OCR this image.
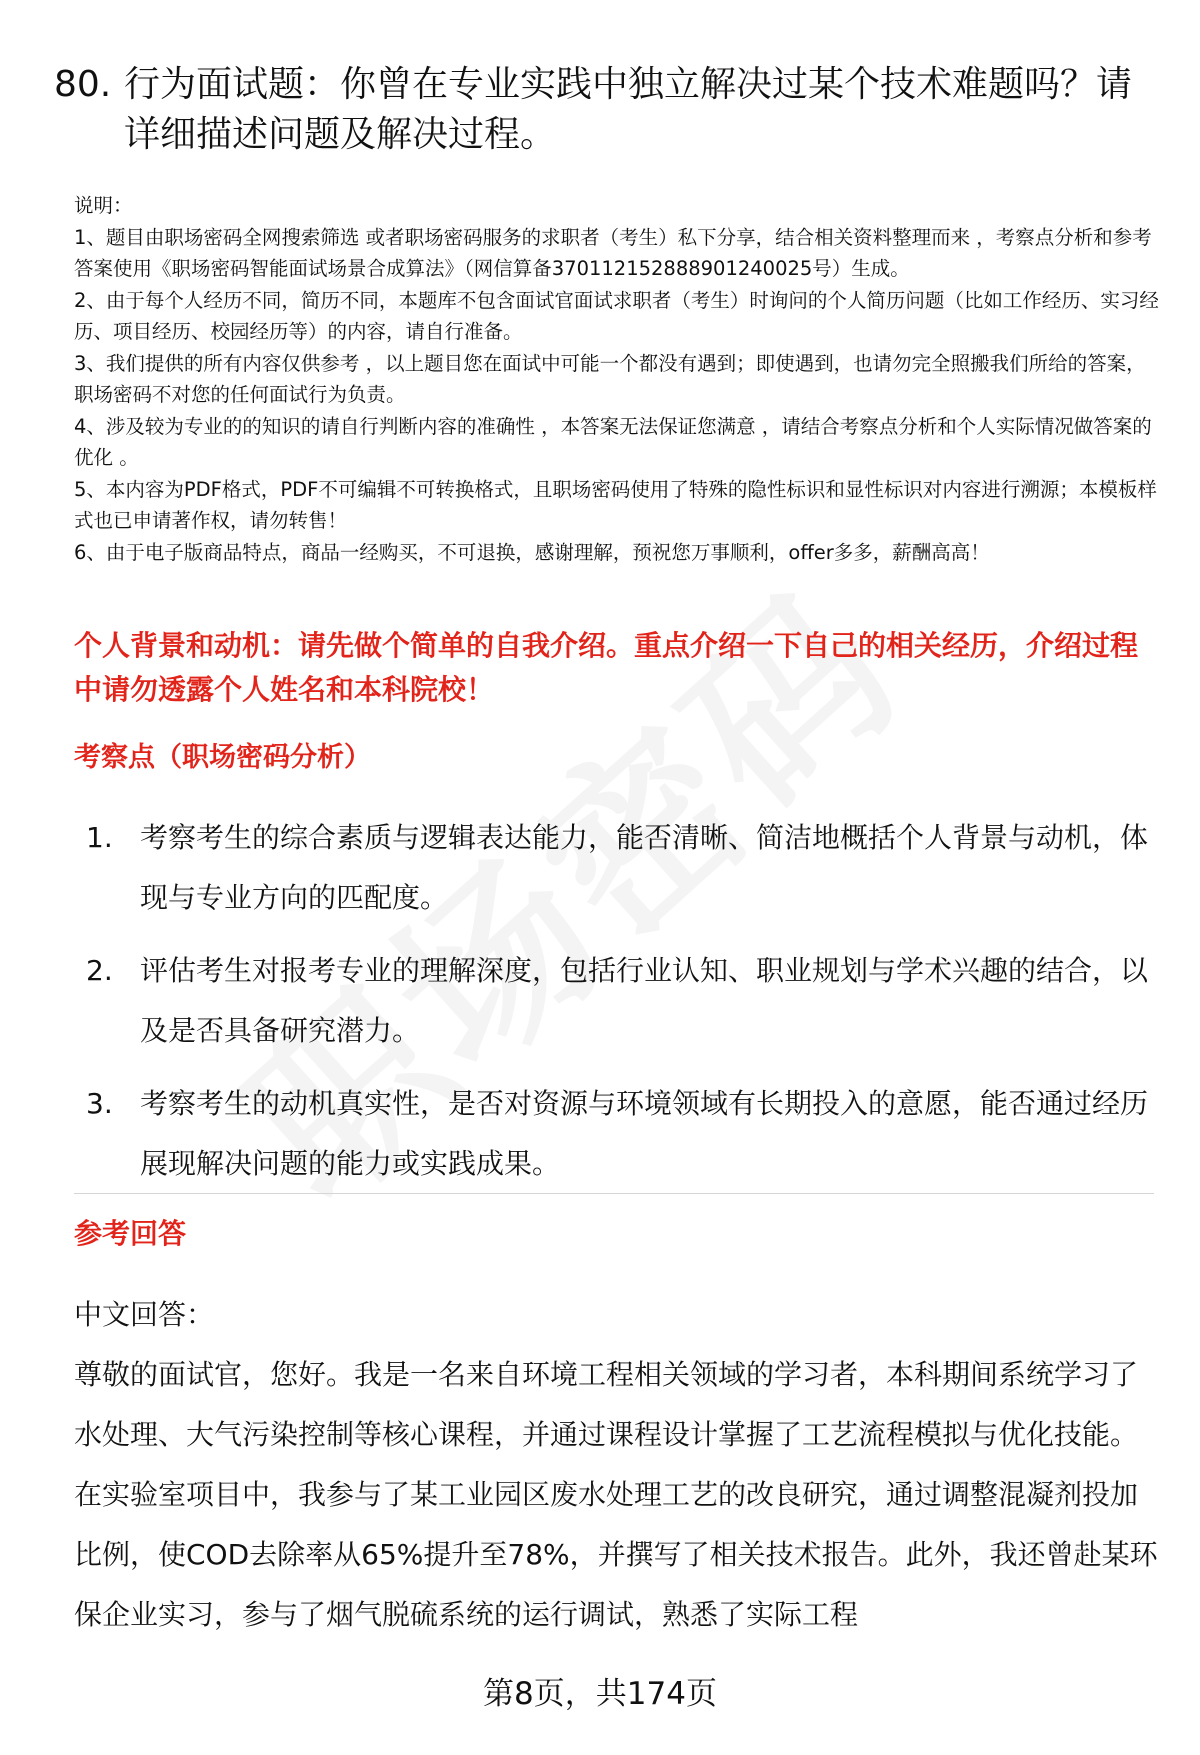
80. 行为面试题：你曾在专业实践中独立解决过某个技术难题吗？请详细描述问题及解决过程。

说明：

1、题目由职场密码全网搜索筛选 或者职场密码服务的求职者（考生）私下分享，结合相关资料整理而来 ，考察点分析和参考答案使用《职场密码智能面试场景合成算法》（网信算备370112152888901240025号）生成。

2、由于每个人经历不同，简历不同，本题库不包含面试官面试求职者（考生）时询问的个人简历问题（比如工作经历、实习经历、项目经历、校园经历等）的内容，请自行准备。

3、我们提供的所有内容仅供参考 ，以上题目您在面试中可能一个都没有遇到；即使遇到，也请勿完全照搬我们所给的答案，职场密码不对您的任何面试行为负责。

4、涉及较为专业的的知识的请自行判断内容的准确性 ，本答案无法保证您满意 ，请结合考察点分析和个人实际情况做答案的优化 。

5、本内容为PDF格式，PDF不可编辑不可转换格式，且职场密码使用了特殊的隐性标识和显性标识对内容进行溯源；本模板样式也已申请著作权，请勿转售！

6、由于电子版商品特点，商品一经购买，不可退换，感谢理解，预祝您万事顺利，offer多多，薪酬高高！

个人背景和动机：请先做个简单的自我介绍。重点介绍一下自己的相关经历，介绍过程中请勿透露个人姓名和本科院校！
考察点（职场密码分析）
1. 考察考生的综合素质与逻辑表达能力，能否清晰、简洁地概括个人背景与动机，体现与专业方向的匹配度。
2. 评估考生对报考专业的理解深度，包括行业认知、职业规划与学术兴趣的结合，以及是否具备研究潜力。
3. 考察考生的动机真实性，是否对资源与环境领域有长期投入的意愿，能否通过经历展现解决问题的能力或实践成果。
参考回答

中文回答：

尊敬的面试官，您好。我是一名来自环境工程相关领域的学习者，本科期间系统学习了水处理、大气污染控制等核心课程，并通过课程设计掌握了工艺流程模拟与优化技能。在实验室项目中，我参与了某工业园区废水处理工艺的改良研究，通过调整混凝剂投加比例，使COD去除率从65%提升至78%，并撰写了相关技术报告。此外，我还曾赴某环保企业实习，参与了烟气脱硫系统的运行调试，熟悉了实际工程

第8页，共174页
